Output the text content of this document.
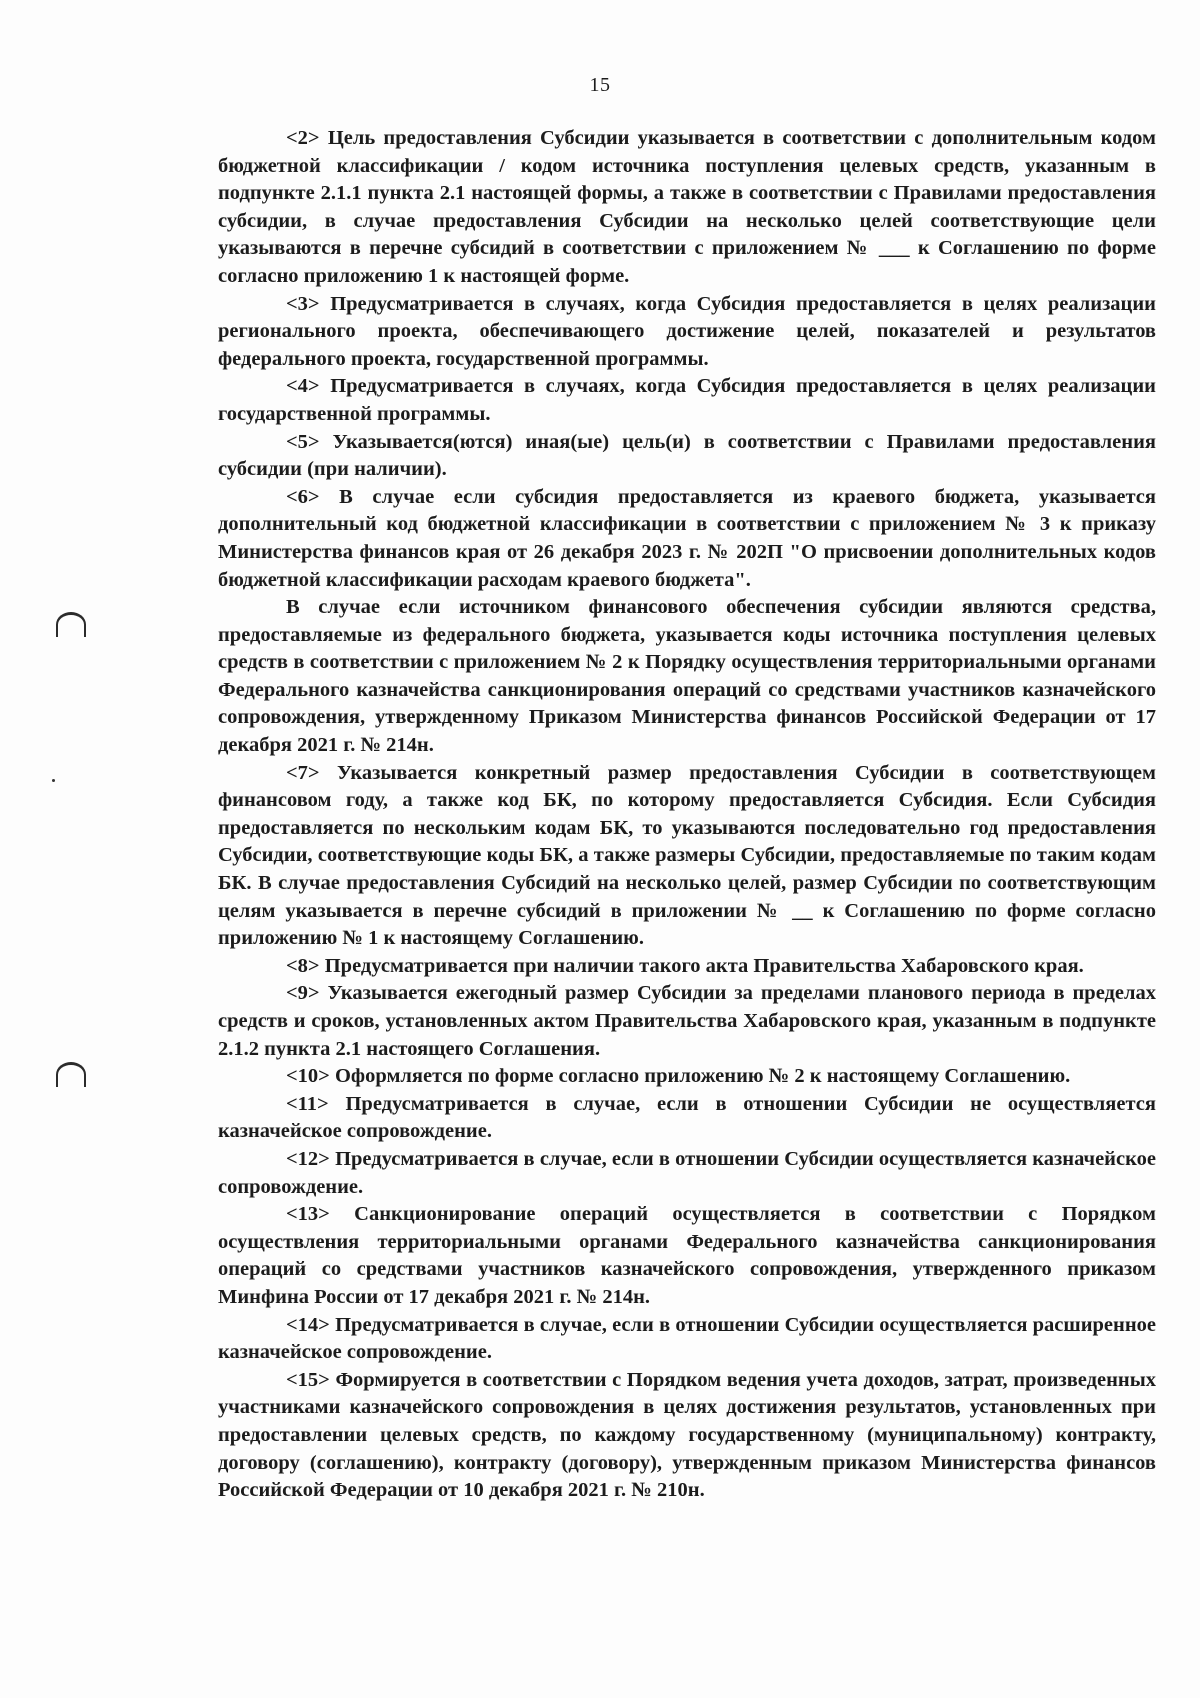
15

<2> Цель предоставления Субсидии указывается в соответствии с дополнительным кодом бюджетной классификации / кодом источника поступления целевых средств, указанным в подпункте 2.1.1 пункта 2.1 настоящей формы, а также в соответствии с Правилами предоставления субсидии, в случае предоставления Субсидии на несколько целей соответствующие цели указываются в перечне субсидий в соответствии с приложением № ___ к Соглашению по форме согласно приложению 1 к настоящей форме.

<3> Предусматривается в случаях, когда Субсидия предоставляется в целях реализации регионального проекта, обеспечивающего достижение целей, показателей и результатов федерального проекта, государственной программы.

<4> Предусматривается в случаях, когда Субсидия предоставляется в целях реализации государственной программы.

<5> Указывается(ются) иная(ые) цель(и) в соответствии с Правилами предоставления субсидии (при наличии).

<6> В случае если субсидия предоставляется из краевого бюджета, указывается дополнительный код бюджетной классификации в соответствии с приложением № 3 к приказу Министерства финансов края от 26 декабря 2023 г. № 202П "О присвоении дополнительных кодов бюджетной классификации расходам краевого бюджета".

В случае если источником финансового обеспечения субсидии являются средства, предоставляемые из федерального бюджета, указывается коды источника поступления целевых средств в соответствии с приложением № 2 к Порядку осуществления территориальными органами Федерального казначейства санкционирования операций со средствами участников казначейского сопровождения, утвержденному Приказом Министерства финансов Российской Федерации от 17 декабря 2021 г. № 214н.

<7> Указывается конкретный размер предоставления Субсидии в соответствующем финансовом году, а также код БК, по которому предоставляется Субсидия. Если Субсидия предоставляется по нескольким кодам БК, то указываются последовательно год предоставления Субсидии, соответствующие коды БК, а также размеры Субсидии, предоставляемые по таким кодам БК. В случае предоставления Субсидий на несколько целей, размер Субсидии по соответствующим целям указывается в перечне субсидий в приложении № __ к Соглашению по форме согласно приложению № 1 к настоящему Соглашению.

<8> Предусматривается при наличии такого акта Правительства Хабаровского края.

<9> Указывается ежегодный размер Субсидии за пределами планового периода в пределах средств и сроков, установленных актом Правительства Хабаровского края, указанным в подпункте 2.1.2 пункта 2.1 настоящего Соглашения.

<10> Оформляется по форме согласно приложению № 2 к настоящему Соглашению.

<11> Предусматривается в случае, если в отношении Субсидии не осуществляется казначейское сопровождение.

<12> Предусматривается в случае, если в отношении Субсидии осуществляется казначейское сопровождение.

<13> Санкционирование операций осуществляется в соответствии с Порядком осуществления территориальными органами Федерального казначейства санкционирования операций со средствами участников казначейского сопровождения, утвержденного приказом Минфина России от 17 декабря 2021 г. № 214н.

<14> Предусматривается в случае, если в отношении Субсидии осуществляется расширенное казначейское сопровождение.

<15> Формируется в соответствии с Порядком ведения учета доходов, затрат, произведенных участниками казначейского сопровождения в целях достижения результатов, установленных при предоставлении целевых средств, по каждому государственному (муниципальному) контракту, договору (соглашению), контракту (договору), утвержденным приказом Министерства финансов Российской Федерации от 10 декабря 2021 г. № 210н.
